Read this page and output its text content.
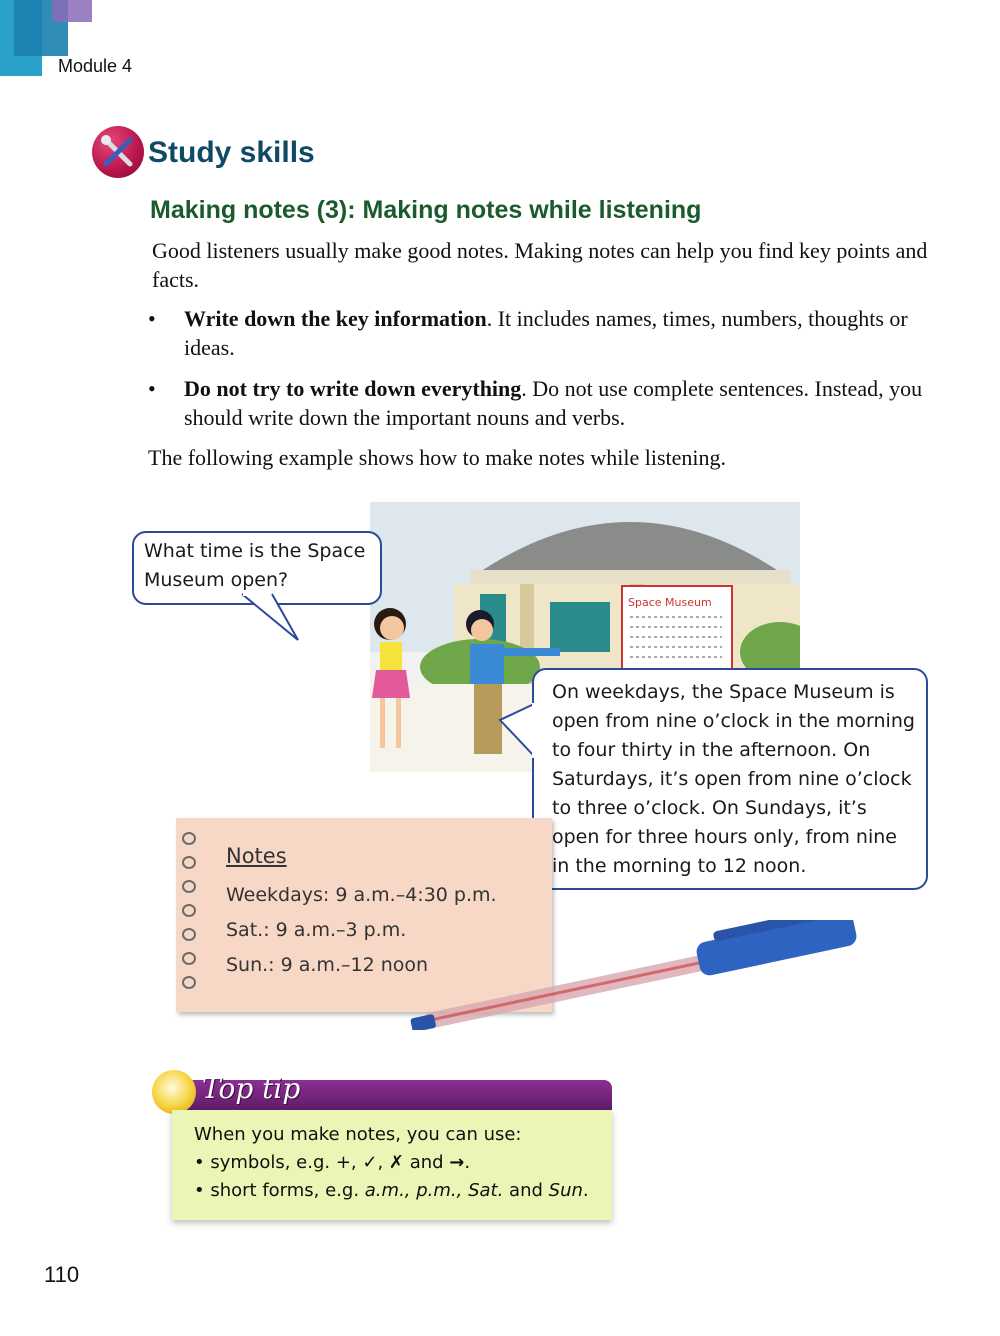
Module 4
Study skills
Making notes (3): Making notes while listening
Good listeners usually make good notes. Making notes can help you find key points and facts.
• Write down the key information. It includes names, times, numbers, thoughts or ideas.
• Do not try to write down everything. Do not use complete sentences. Instead, you should write down the important nouns and verbs.
The following example shows how to make notes while listening.
Space Museum
What time is the Space Museum open?
On weekdays, the Space Museum is open from nine o’clock in the morning to four thirty in the afternoon. On Saturdays, it’s open from nine o’clock to three o’clock. On Sundays, it’s open for three hours only, from nine in the morning to 12 noon.
Notes
Weekdays: 9 a.m.–4:30 p.m.
Sat.: 9 a.m.–3 p.m.
Sun.: 9 a.m.–12 noon
Top tip
When you make notes, you can use:
• symbols, e.g. +, ✓, ✗ and →.
• short forms, e.g. a.m., p.m., Sat. and Sun.
110
